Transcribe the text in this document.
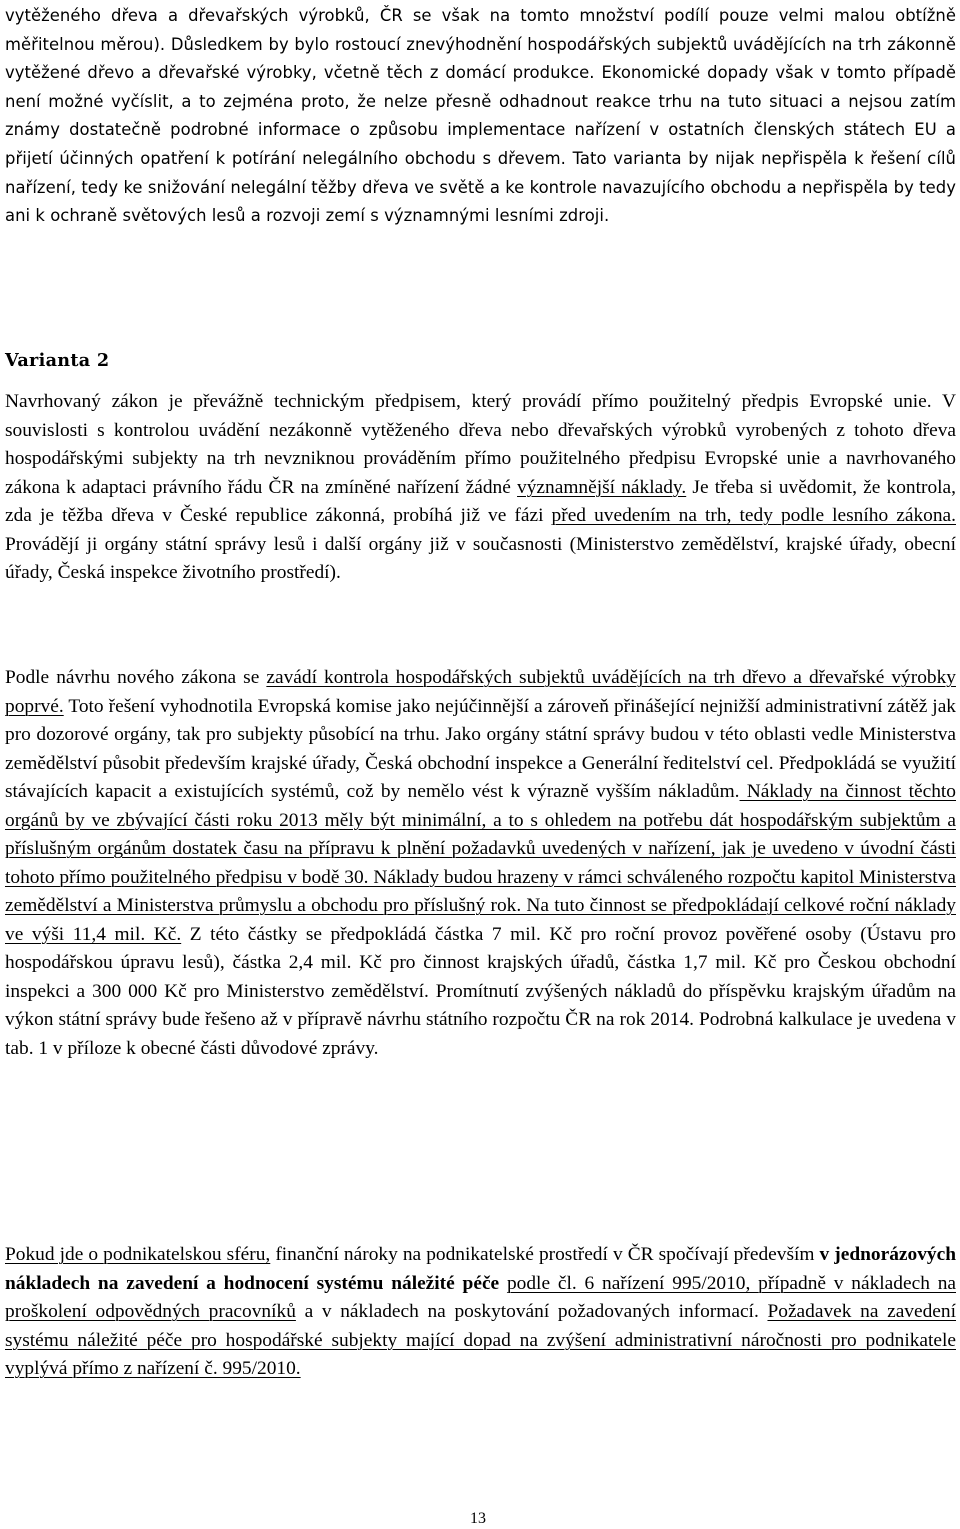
vytěženého dřeva a dřevařských výrobků, ČR se však na tomto množství podílí pouze velmi malou obtížně měřitelnou měrou). Důsledkem by bylo rostoucí znevýhodnění hospodářských subjektů uvádějících na trh zákonně vytěžené dřevo a dřevařské výrobky, včetně těch z domácí produkce. Ekonomické dopady však v tomto případě není možné vyčíslit, a to zejména proto, že nelze přesně odhadnout reakce trhu na tuto situaci a nejsou zatím známy dostatečně podrobné informace o způsobu implementace nařízení v ostatních členských státech EU a přijetí účinných opatření k potírání nelegálního obchodu s dřevem. Tato varianta by nijak nepřispěla k řešení cílů nařízení, tedy ke snižování nelegální těžby dřeva ve světě a ke kontrole navazujícího obchodu a nepřispěla by tedy ani k ochraně světových lesů a rozvoji zemí s významnými lesními zdroji.

Varianta 2

Navrhovaný zákon je převážně technickým předpisem, který provádí přímo použitelný předpis Evropské unie. V souvislosti s kontrolou uvádění nezákonně vytěženého dřeva nebo dřevařských výrobků vyrobených z tohoto dřeva hospodářskými subjekty na trh nevzniknou prováděním přímo použitelného předpisu Evropské unie a navrhovaného zákona k adaptaci právního řádu ČR na zmíněné nařízení žádné významnější náklady. Je třeba si uvědomit, že kontrola, zda je těžba dřeva v České republice zákonná, probíhá již ve fázi před uvedením na trh, tedy podle lesního zákona. Provádějí ji orgány státní správy lesů i další orgány již v současnosti (Ministerstvo zemědělství, krajské úřady, obecní úřady, Česká inspekce životního prostředí).

Podle návrhu nového zákona se zavádí kontrola hospodářských subjektů uvádějících na trh dřevo a dřevařské výrobky poprvé. Toto řešení vyhodnotila Evropská komise jako nejúčinnější a zároveň přinášející nejnižší administrativní zátěž jak pro dozorové orgány, tak pro subjekty působící na trhu. Jako orgány státní správy budou v této oblasti vedle Ministerstva zemědělství působit především krajské úřady, Česká obchodní inspekce a Generální ředitelství cel. Předpokládá se využití stávajících kapacit a existujících systémů, což by nemělo vést k výrazně vyšším nákladům. Náklady na činnost těchto orgánů by ve zbývající části roku 2013 měly být minimální, a to s ohledem na potřebu dát hospodářským subjektům a příslušným orgánům dostatek času na přípravu k plnění požadavků uvedených v nařízení, jak je uvedeno v úvodní části tohoto přímo použitelného předpisu v bodě 30. Náklady budou hrazeny v rámci schváleného rozpočtu kapitol Ministerstva zemědělství a Ministerstva průmyslu a obchodu pro příslušný rok. Na tuto činnost se předpokládají celkové roční náklady ve výši 11,4 mil. Kč. Z této částky se předpokládá částka 7 mil. Kč pro roční provoz pověřené osoby (Ústavu pro hospodářskou úpravu lesů), částka 2,4 mil. Kč pro činnost krajských úřadů, částka 1,7 mil. Kč pro Českou obchodní inspekci a 300 000 Kč pro Ministerstvo zemědělství. Promítnutí zvýšených nákladů do příspěvku krajským úřadům na výkon státní správy bude řešeno až v přípravě návrhu státního rozpočtu ČR na rok 2014. Podrobná kalkulace je uvedena v tab. 1 v příloze k obecné části důvodové zprávy.

Pokud jde o podnikatelskou sféru, finanční nároky na podnikatelské prostředí v ČR spočívají především v jednorázových nákladech na zavedení a hodnocení systému náležité péče podle čl. 6 nařízení 995/2010, případně v nákladech na proškolení odpovědných pracovníků a v nákladech na poskytování požadovaných informací. Požadavek na zavedení systému náležité péče pro hospodářské subjekty mající dopad na zvýšení administrativní náročnosti pro podnikatele vyplývá přímo z nařízení č. 995/2010.

13
